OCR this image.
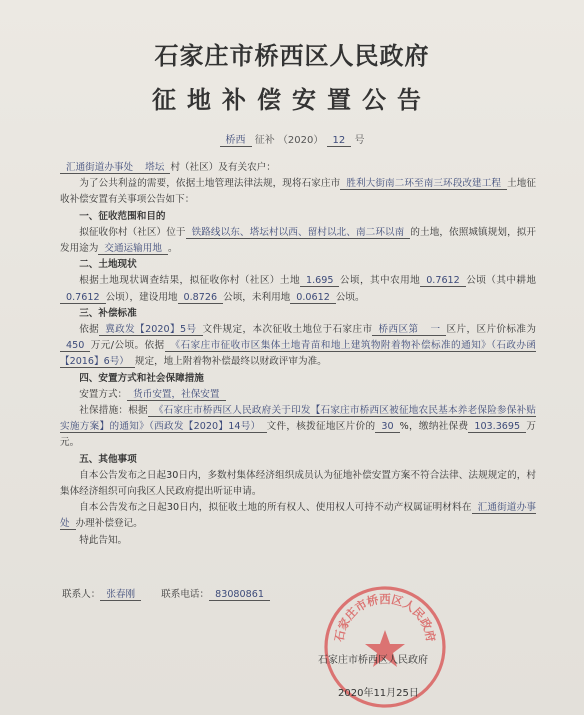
石家庄市桥西区人民政府
征地补偿安置公告
桥西 征补 （2020） 12 号

汇通街道办事处 塔坛 村（社区）及有关农户：

为了公共利益的需要，依据土地管理法律法规，现将石家庄市 胜利大街南二环至南三环段改建工程 土地征收补偿安置有关事项公告如下：

一、征收范围和目的

拟征收你村（社区）位于 铁路线以东、塔坛村以西、留村以北、南二环以南 的土地，依照城镇规划，拟开发用途为 交通运输用地 。

二、土地现状

根据土地现状调查结果，拟征收你村（社区）土地 1.695 公顷，其中农用地 0.7612 公顷（其中耕地0.7612 公顷），建设用地 0.8726 公顷，未利用地 0.0612 公顷。

三、补偿标准

依据 冀政发【2020】5号 文件规定，本次征收土地位于石家庄市 桥西区第 一 区片，区片价标准为450 万元/公顷。依据 《石家庄市征收市区集体土地青苗和地上建筑物附着物补偿标准的通知》（石政办函【2016】6号） 规定，地上附着物补偿最终以财政评审为准。

四、安置方式和社会保障措施

安置方式： 货币安置，社保安置

社保措施：根据 《石家庄市桥西区人民政府关于印发【石家庄市桥西区被征地农民基本养老保险参保补贴实施方案】的通知》（西政发【2020】14号） 文件，核拨征地区片价的 30 %，缴纳社保费 103.3695 万元。

五、其他事项

自本公告发布之日起30日内，多数村集体经济组织成员认为征地补偿安置方案不符合法律、法规规定的，村集体经济组织可向我区人民政府提出听证申请。

自本公告发布之日起30日内，拟征收土地的所有权人、使用权人可持不动产权属证明材料在 汇通街道办事处 办理补偿登记。

特此告知。

联系人： 张春刚	联系电话： 83080861
石家庄市桥西区人民政府
石家庄市桥西区人民政府
2020年11月25日
